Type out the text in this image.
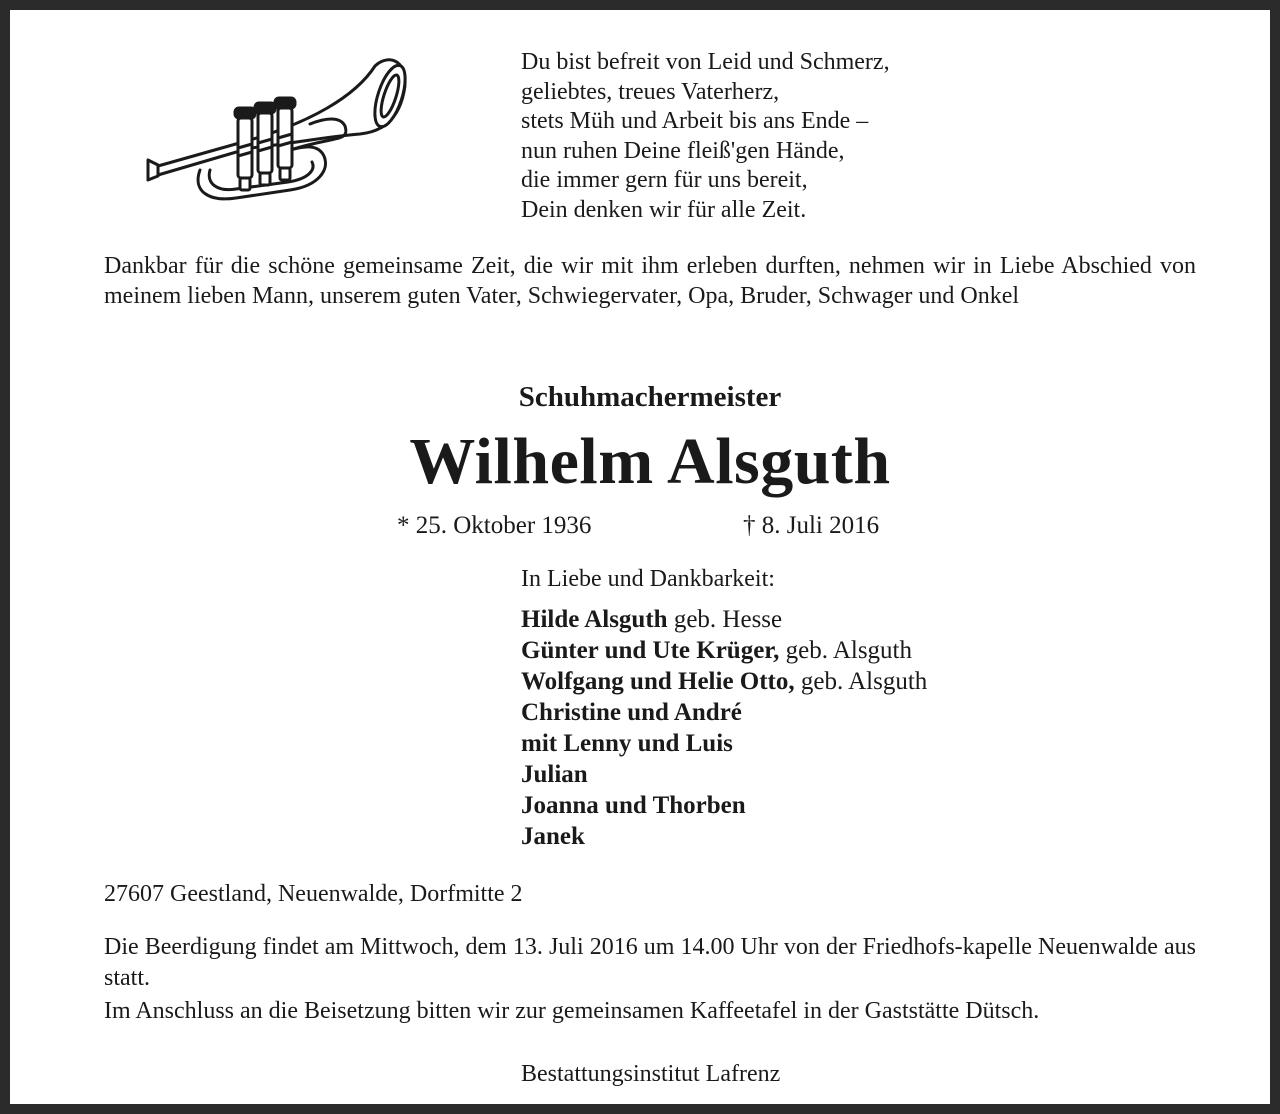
Du bist befreit von Leid und Schmerz,
geliebtes, treues Vaterherz,
stets Müh und Arbeit bis ans Ende –
nun ruhen Deine fleiß'gen Hände,
die immer gern für uns bereit,
Dein denken wir für alle Zeit.
Dankbar für die schöne gemeinsame Zeit, die wir mit ihm erleben durften, nehmen wir in Liebe Abschied von meinem lieben Mann, unserem guten Vater, Schwiegervater, Opa, Bruder, Schwager und Onkel
Schuhmachermeister
Wilhelm Alsguth
* 25. Oktober 1936	† 8. Juli 2016
In Liebe und Dankbarkeit:
Hilde Alsguth geb. Hesse
Günter und Ute Krüger, geb. Alsguth
Wolfgang und Helie Otto, geb. Alsguth
Christine und André
mit Lenny und Luis
Julian
Joanna und Thorben
Janek
27607 Geestland, Neuenwalde, Dorfmitte 2
Die Beerdigung findet am Mittwoch, dem 13. Juli 2016 um 14.00 Uhr von der Friedhofs-kapelle Neuenwalde aus statt.
Im Anschluss an die Beisetzung bitten wir zur gemeinsamen Kaffeetafel in der Gaststätte Dütsch.
Bestattungsinstitut Lafrenz
